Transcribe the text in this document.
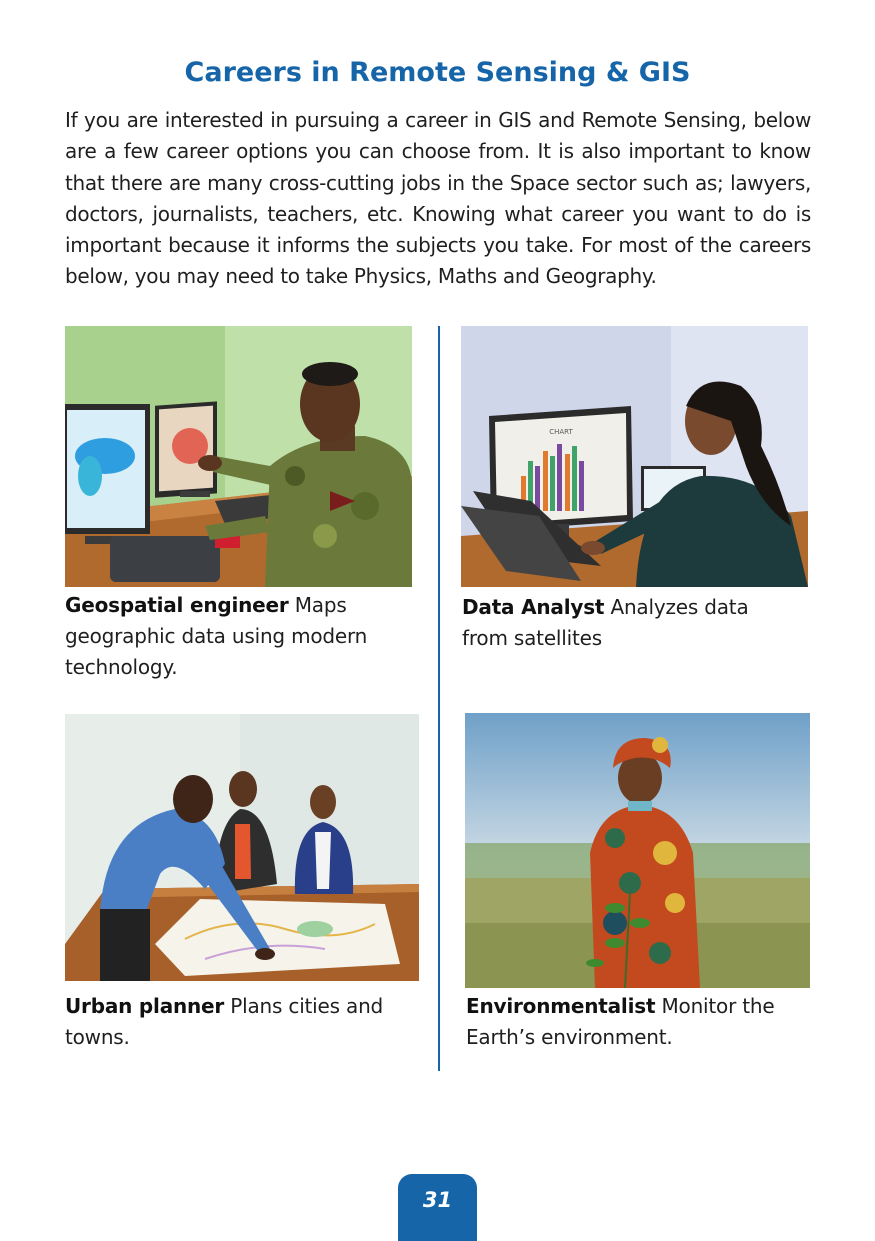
Careers in Remote Sensing & GIS

If you are interested in pursuing a career in GIS and Remote Sensing, below are a few career options you can choose from. It is also important to know that there are many cross-cutting jobs in the Space sector such as; lawyers, doctors, journalists, teachers, etc. Knowing what career you want to do is important because it informs the subjects you take. For most of the careers below, you may need to take Physics, Maths and Geography.

Geospatial engineer Maps geographic data using modern technology.

CHART

Data Analyst Analyzes data from satellites

Urban planner Plans cities and towns.

Environmentalist Monitor the Earth’s environment.

31
